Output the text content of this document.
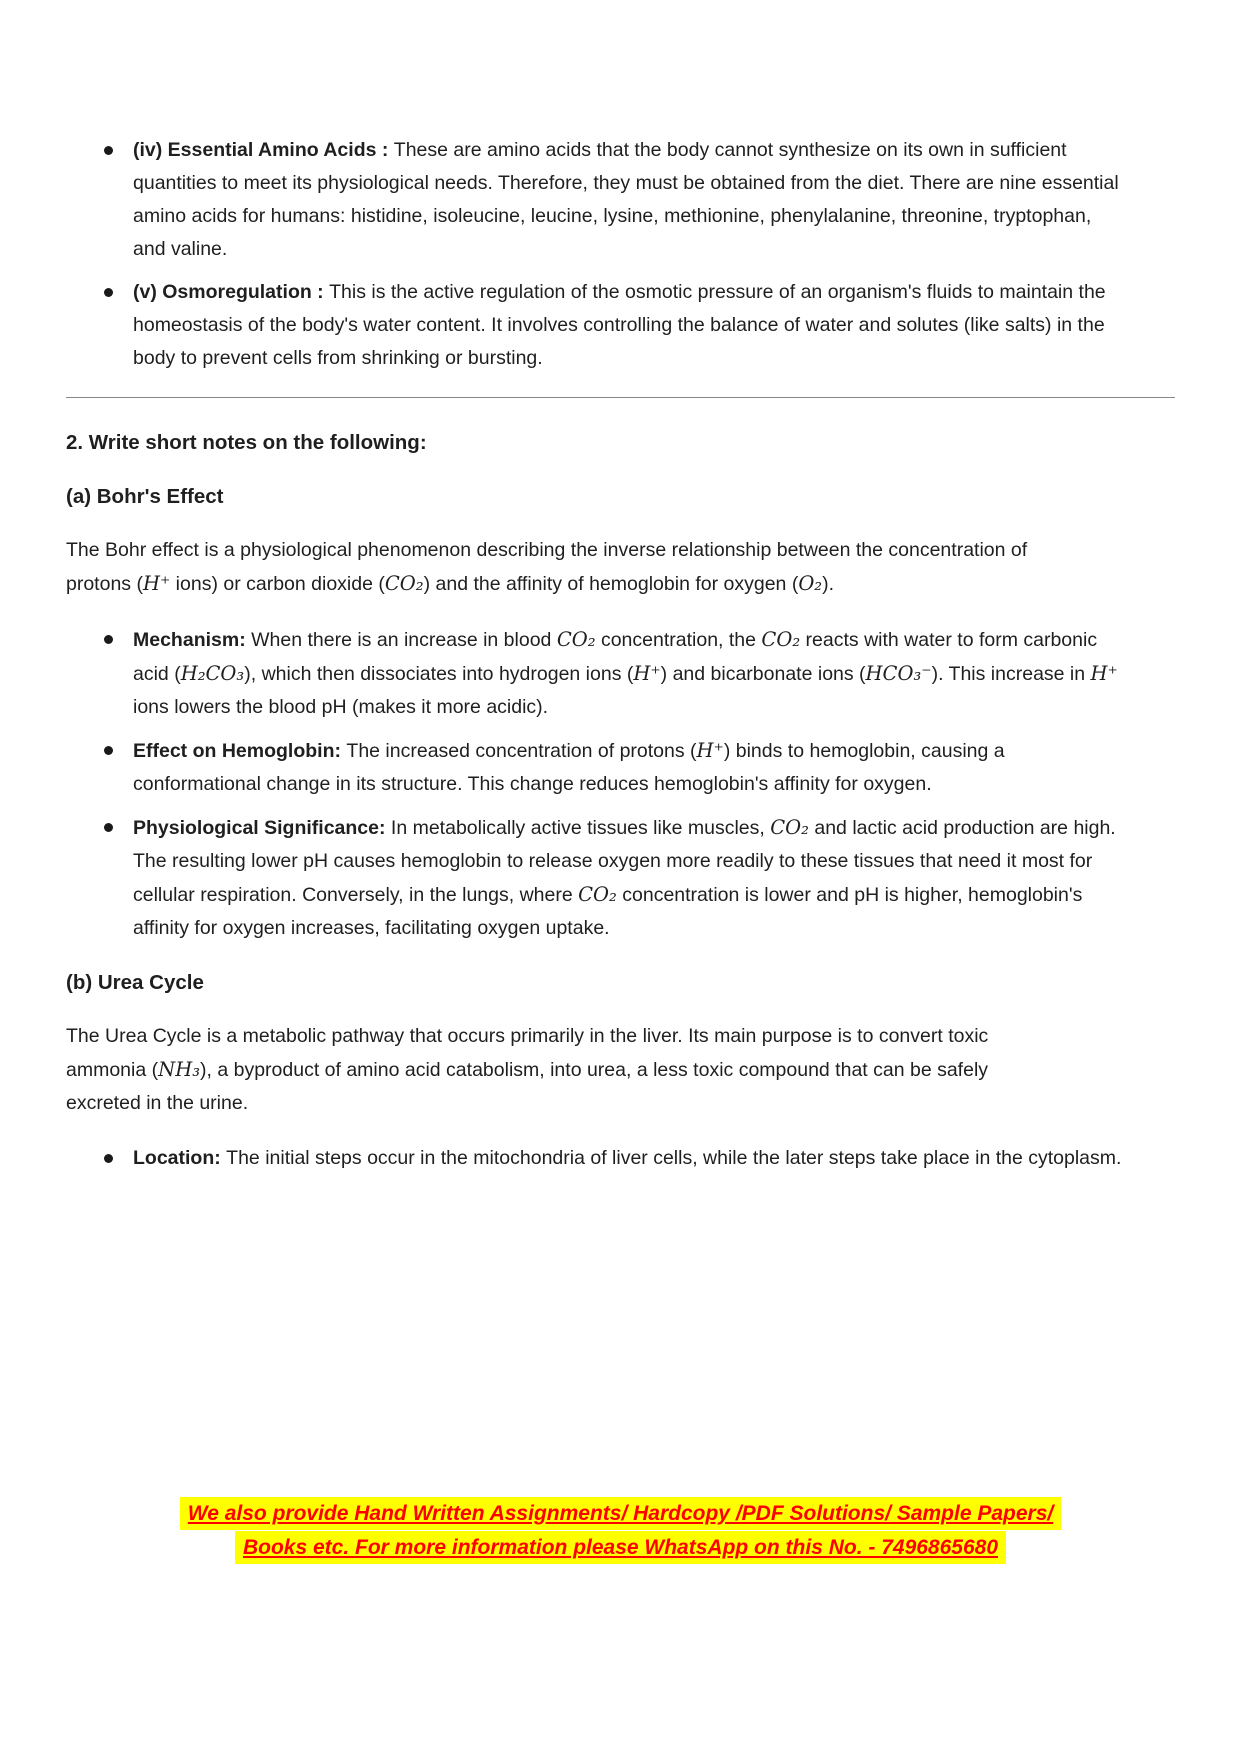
(iv) Essential Amino Acids : These are amino acids that the body cannot synthesize on its own in sufficient quantities to meet its physiological needs. Therefore, they must be obtained from the diet. There are nine essential amino acids for humans: histidine, isoleucine, leucine, lysine, methionine, phenylalanine, threonine, tryptophan, and valine.
(v) Osmoregulation : This is the active regulation of the osmotic pressure of an organism's fluids to maintain the homeostasis of the body's water content. It involves controlling the balance of water and solutes (like salts) in the body to prevent cells from shrinking or bursting.
2. Write short notes on the following:
(a) Bohr's Effect

The Bohr effect is a physiological phenomenon describing the inverse relationship between the concentration of protons (H⁺ ions) or carbon dioxide (CO₂) and the affinity of hemoglobin for oxygen (O₂).

Mechanism: When there is an increase in blood CO₂ concentration, the CO₂ reacts with water to form carbonic acid (H₂CO₃), which then dissociates into hydrogen ions (H⁺) and bicarbonate ions (HCO₃⁻). This increase in H⁺ ions lowers the blood pH (makes it more acidic).
Effect on Hemoglobin: The increased concentration of protons (H⁺) binds to hemoglobin, causing a conformational change in its structure. This change reduces hemoglobin's affinity for oxygen.
Physiological Significance: In metabolically active tissues like muscles, CO₂ and lactic acid production are high. The resulting lower pH causes hemoglobin to release oxygen more readily to these tissues that need it most for cellular respiration. Conversely, in the lungs, where CO₂ concentration is lower and pH is higher, hemoglobin's affinity for oxygen increases, facilitating oxygen uptake.
(b) Urea Cycle

The Urea Cycle is a metabolic pathway that occurs primarily in the liver. Its main purpose is to convert toxic ammonia (NH₃), a byproduct of amino acid catabolism, into urea, a less toxic compound that can be safely excreted in the urine.

Location: The initial steps occur in the mitochondria of liver cells, while the later steps take place in the cytoplasm.
We also provide Hand Written Assignments/ Hardcopy /PDF Solutions/ Sample Papers/
Books etc. For more information please WhatsApp on this No. - 7496865680
